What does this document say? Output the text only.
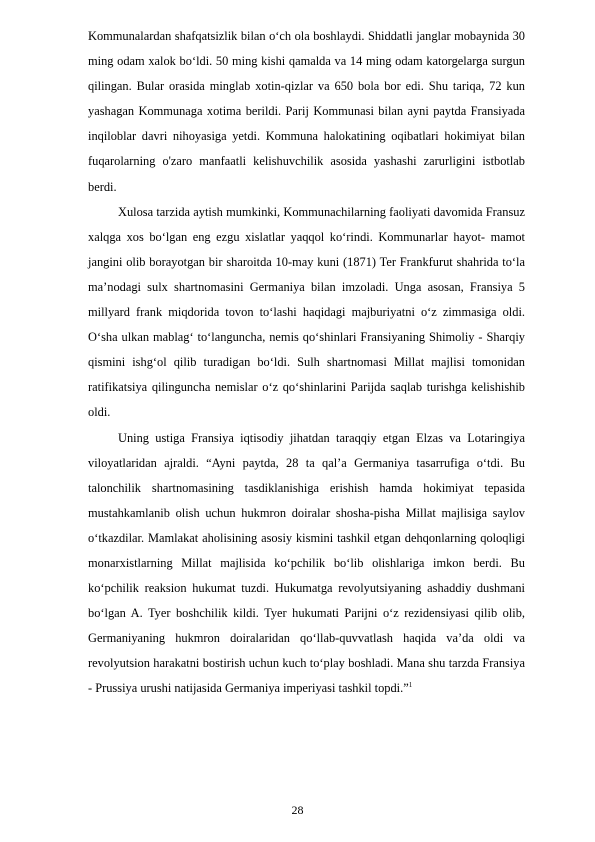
Kommunalardan shafqatsizlik bilan o‘ch ola boshlaydi. Shiddatli janglar mobaynida 30 ming odam xalok bo‘ldi. 50 ming kishi qamalda va 14 ming odam katorgelarga surgun qilingan. Bular orasida minglab xotin-qizlar va 650 bola bor edi. Shu tariqa, 72 kun yashagan Kommunaga xotima berildi. Parij Kommunasi bilan ayni paytda Fransiyada inqiloblar davri nihoyasiga yetdi. Kommuna halokatining oqibatlari hokimiyat bilan fuqarolarning o'zaro manfaatli kelishuvchilik asosida yashashi zarurligini istbotlab berdi.

Xulosa tarzida aytish mumkinki, Kommunachilarning faoliyati davomida Fransuz xalqga xos bo‘lgan eng ezgu xislatlar yaqqol ko‘rindi. Kommunarlar hayot- mamot jangini olib borayotgan bir sharoitda 10-may kuni (1871) Ter Frankfurut shahrida to‘la ma’nodagi sulx shartnomasini Germaniya bilan imzoladi. Unga asosan, Fransiya 5 millyard frank miqdorida tovon to‘lashi haqidagi majburiyatni o‘z zimmasiga oldi. O‘sha ulkan mablag‘ to‘languncha, nemis qo‘shinlari Fransiyaning Shimoliy - Sharqiy qismini ishg‘ol qilib turadigan bo‘ldi. Sulh shartnomasi Millat majlisi tomonidan ratifikatsiya qilinguncha nemislar o‘z qo‘shinlarini Parijda saqlab turishga kelishishib oldi.

Uning ustiga Fransiya iqtisodiy jihatdan taraqqiy etgan Elzas va Lotaringiya viloyatlaridan ajraldi. “Ayni paytda, 28 ta qal’a Germaniya tasarrufiga o‘tdi. Bu talonchilik shartnomasining tasdiklanishiga erishish hamda hokimiyat tepasida mustahkamlanib olish uchun hukmron doiralar shosha-pisha Millat majlisiga saylov o‘tkazdilar. Mamlakat aholisining asosiy kismini tashkil etgan dehqonlarning qoloqligi monarxistlarning Millat majlisida ko‘pchilik bo‘lib olishlariga imkon berdi. Bu ko‘pchilik reaksion hukumat tuzdi. Hukumatga revolyutsiyaning ashaddiy dushmani bo‘lgan A. Tyer boshchilik kildi. Tyer hukumati Parijni o‘z rezidensiyasi qilib olib, Germaniyaning hukmron doiralaridan qo‘llab-quvvatlash haqida va’da oldi va revolyutsion harakatni bostirish uchun kuch to‘play boshladi. Mana shu tarzda Fransiya - Prussiya urushi natijasida Germaniya imperiyasi tashkil topdi.”$^1$

28
